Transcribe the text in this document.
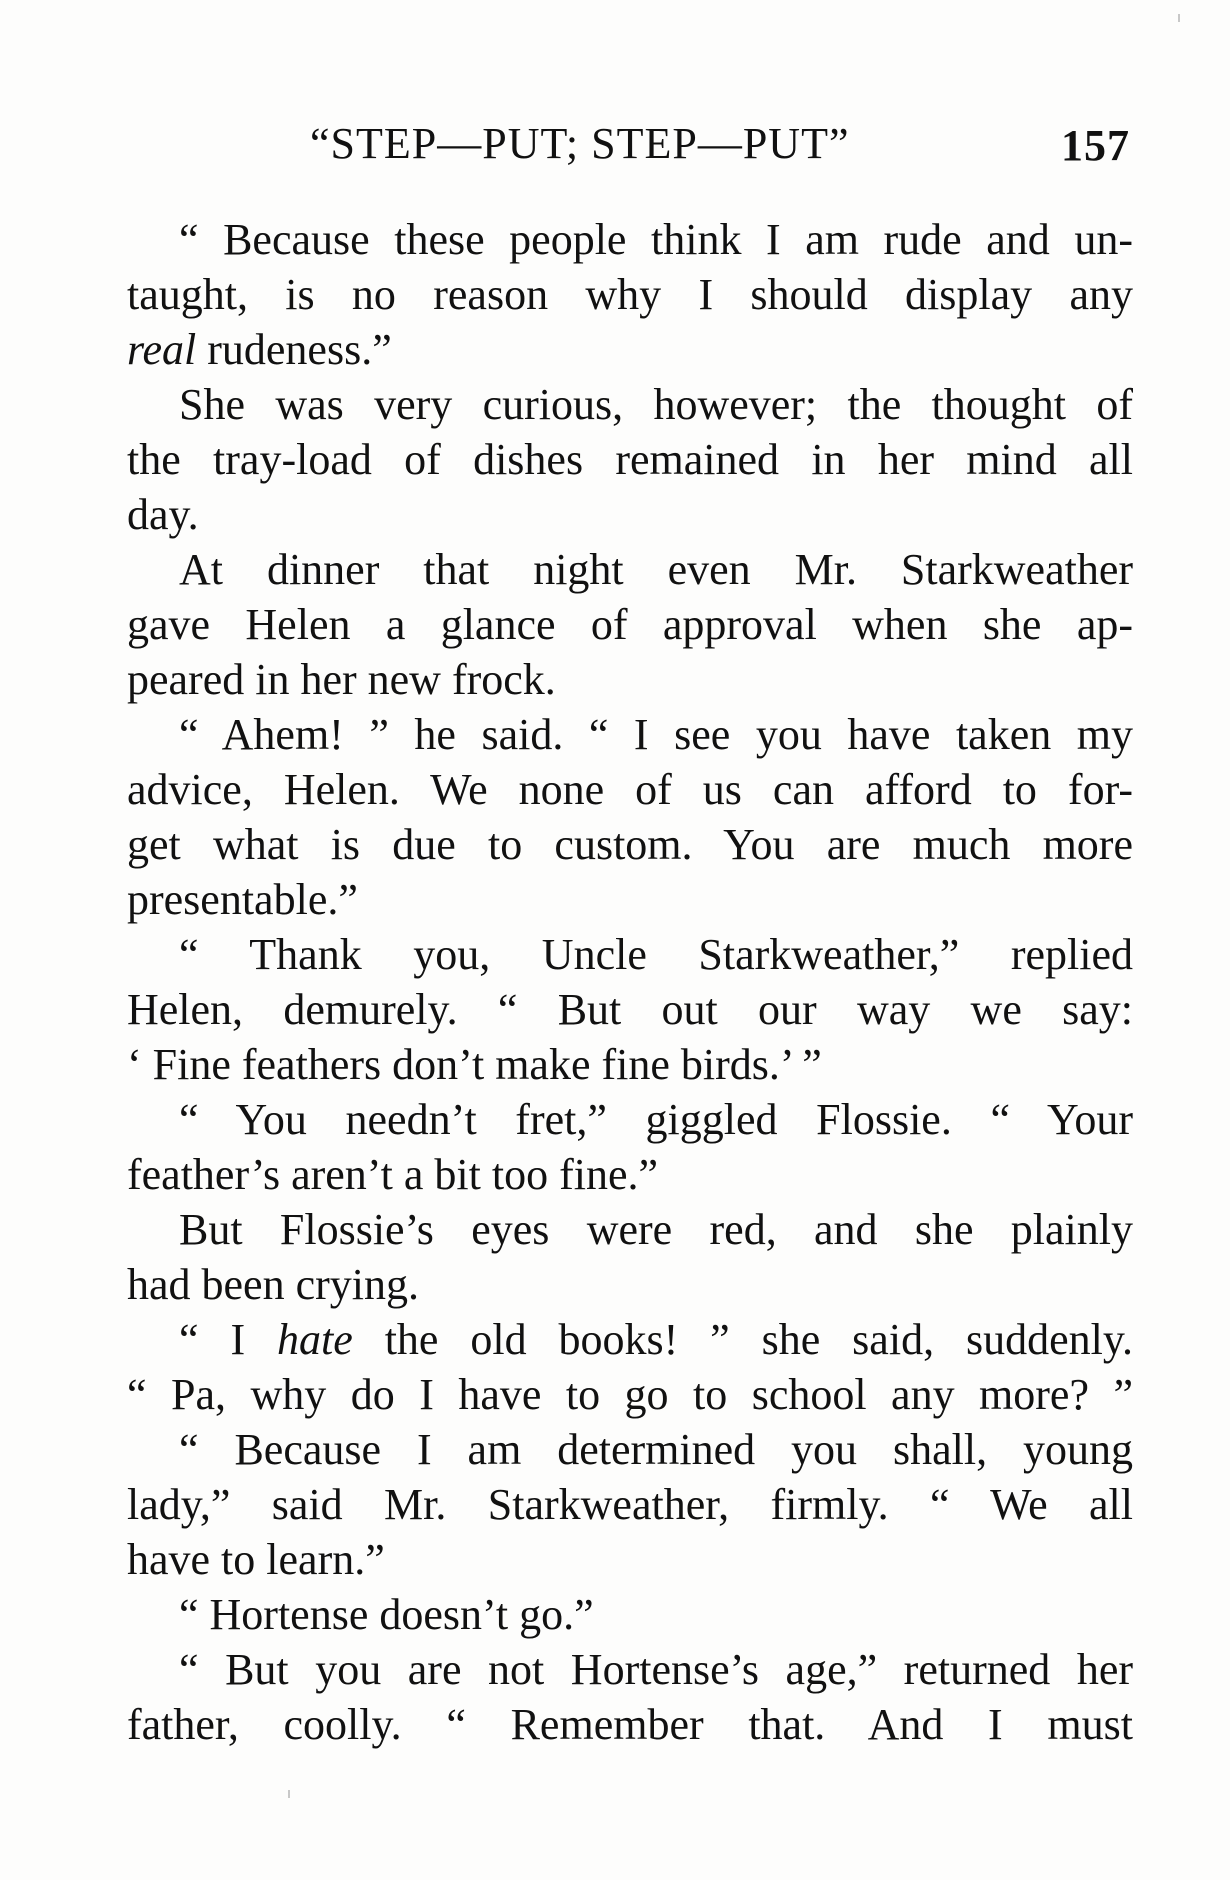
“STEP—PUT; STEP—PUT”	157
“ Because these people think I am rude and un-
taught, is no reason why I should display any
real rudeness.”
She was very curious, however; the thought of
the tray-load of dishes remained in her mind all
day.
At dinner that night even Mr. Starkweather
gave Helen a glance of approval when she ap-
peared in her new frock.
“ Ahem! ” he said. “ I see you have taken my
advice, Helen. We none of us can afford to for-
get what is due to custom. You are much more
presentable.”
“ Thank you, Uncle Starkweather,” replied
Helen, demurely. “ But out our way we say:
‘ Fine feathers don’t make fine birds.’ ”
“ You needn’t fret,” giggled Flossie. “ Your
feather’s aren’t a bit too fine.”
But Flossie’s eyes were red, and she plainly
had been crying.
“ I hate the old books! ” she said, suddenly.
“ Pa, why do I have to go to school any more? ”
“ Because I am determined you shall, young
lady,” said Mr. Starkweather, firmly. “ We all
have to learn.”
“ Hortense doesn’t go.”
“ But you are not Hortense’s age,” returned her
father, coolly. “ Remember that. And I must
